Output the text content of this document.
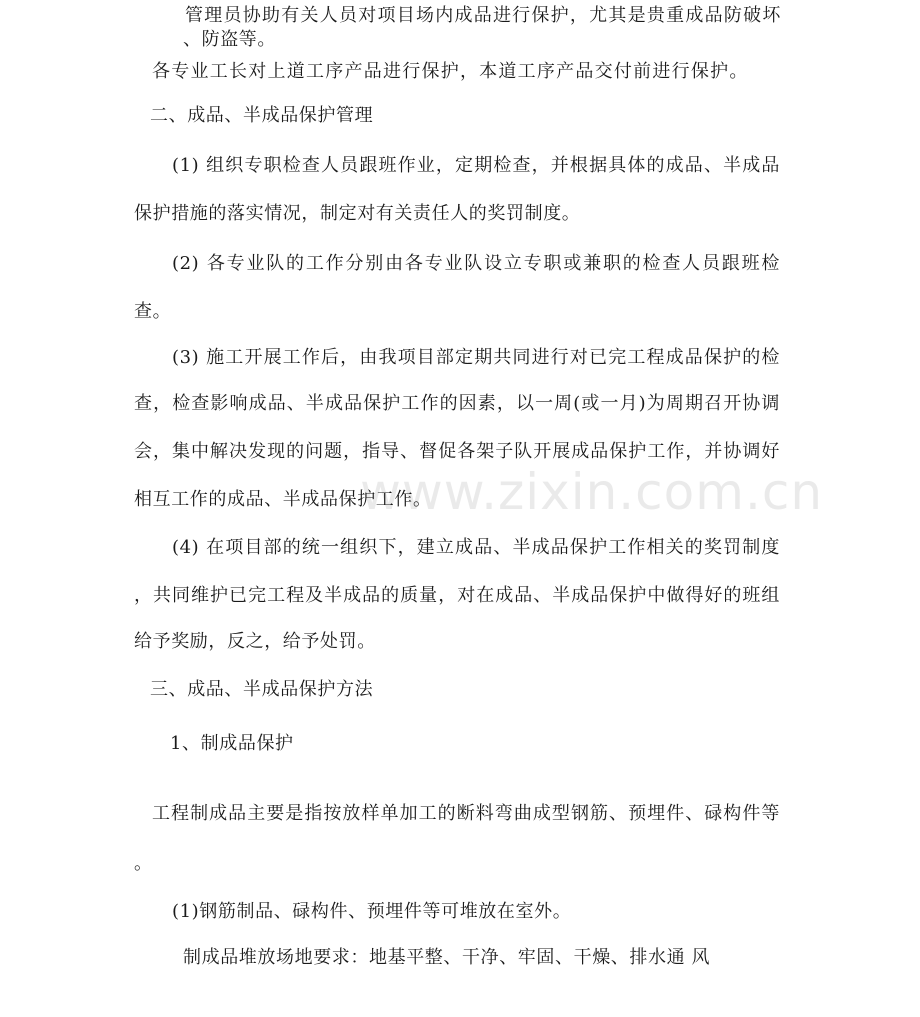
www.zixin.com.cn
管理员协助有关人员对项目场内成品进行保护，尤其是贵重成品防破坏
、防盗等。
各专业工长对上道工序产品进行保护，本道工序产品交付前进行保护。
二、成品、半成品保护管理
(1) 组织专职检查人员跟班作业，定期检查，并根据具体的成品、半成品
保护措施的落实情况，制定对有关责任人的奖罚制度。
(2) 各专业队的工作分别由各专业队设立专职或兼职的检查人员跟班检
查。
(3) 施工开展工作后，由我项目部定期共同进行对已完工程成品保护的检
查，检查影响成品、半成品保护工作的因素，以一周(或一月)为周期召开协调
会，集中解决发现的问题，指导、督促各架子队开展成品保护工作，并协调好
相互工作的成品、半成品保护工作。
(4) 在项目部的统一组织下，建立成品、半成品保护工作相关的奖罚制度
，共同维护已完工程及半成品的质量，对在成品、半成品保护中做得好的班组
给予奖励，反之，给予处罚。
三、成品、半成品保护方法
1、制成品保护
工程制成品主要是指按放样单加工的断料弯曲成型钢筋、预埋件、碌构件等
。
(1)钢筋制品、碌构件、预埋件等可堆放在室外。
制成品堆放场地要求：地基平整、干净、牢固、干燥、排水通 风
